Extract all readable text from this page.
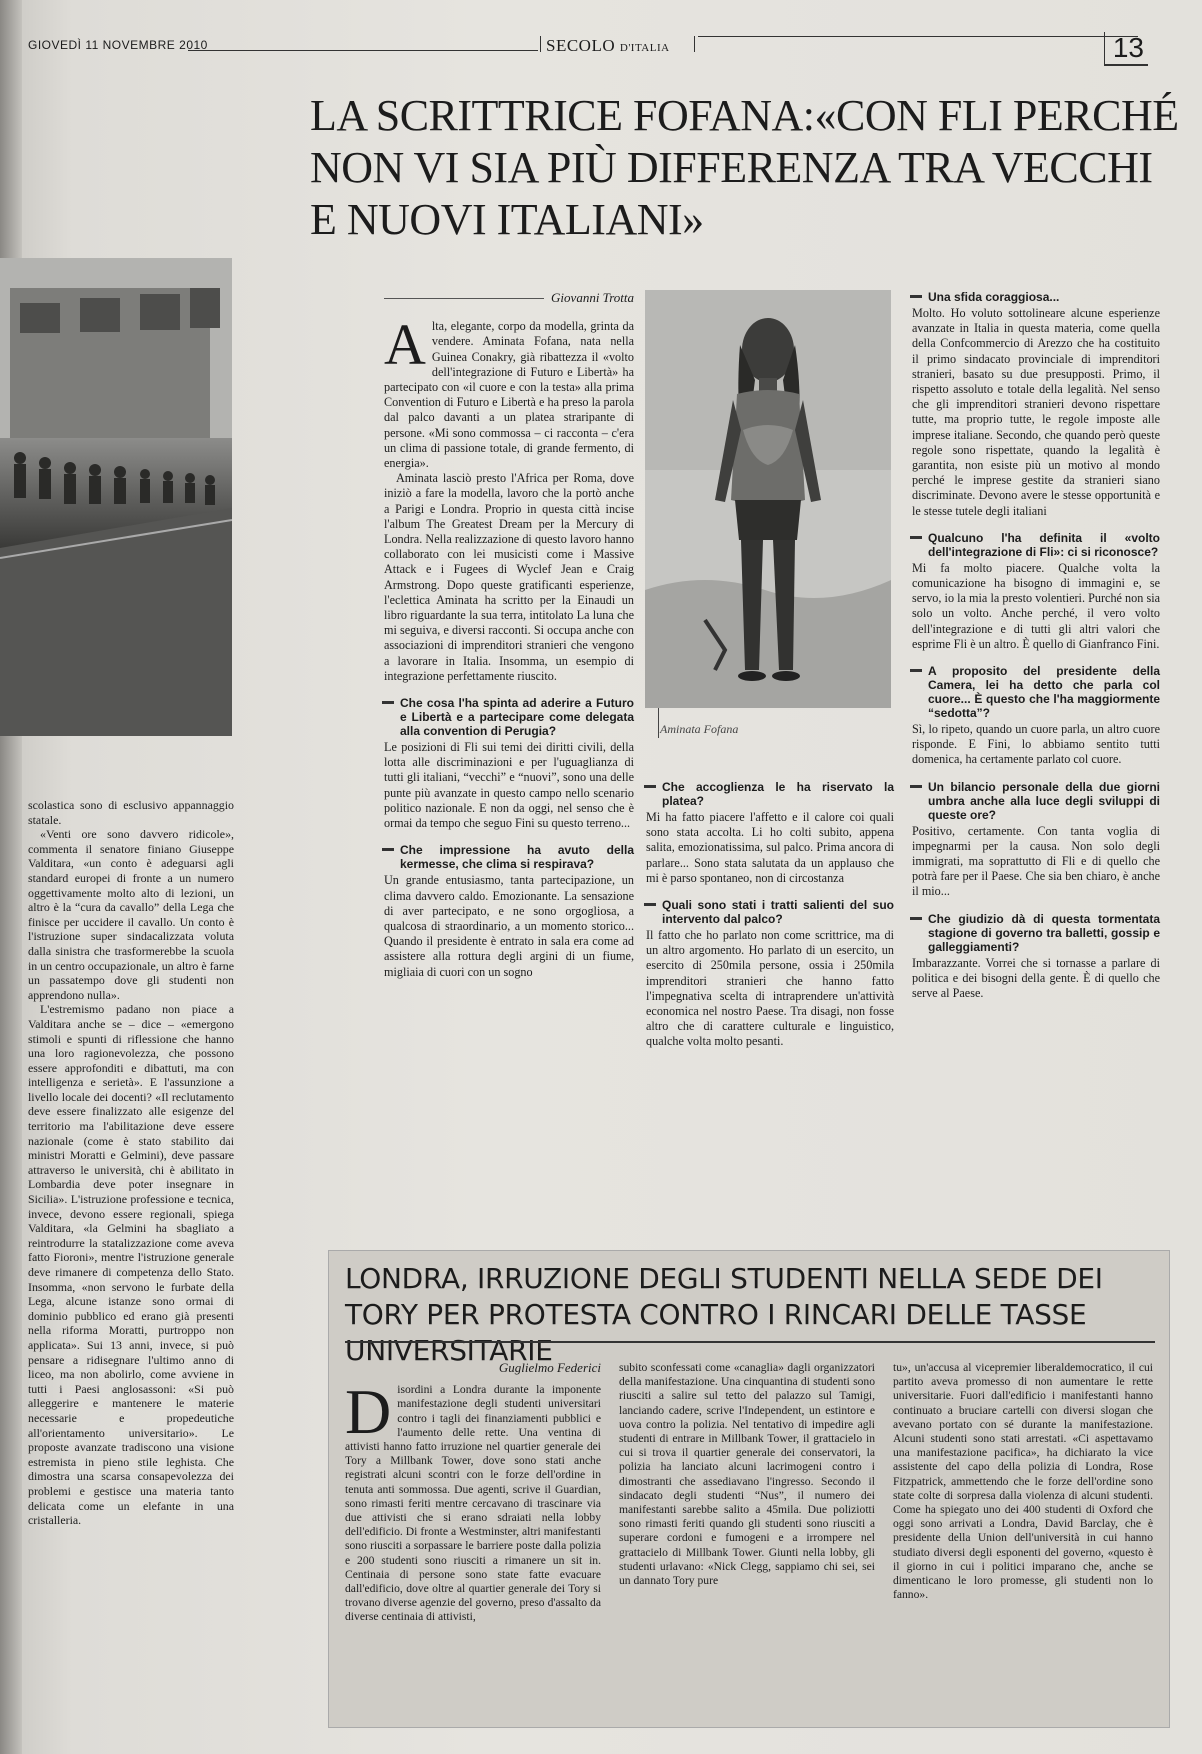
GIOVEDÌ 11 NOVEMBRE 2010	SECOLO D'ITALIA	13
LA SCRITTRICE FOFANA:«CON FLI PERCHÉ NON VI SIA PIÙ DIFFERENZA TRA VECCHI E NUOVI ITALIANI»
Giovanni Trotta

Alta, elegante, corpo da modella, grinta da vendere. Aminata Fofana, nata nella Guinea Conakry, già ribattezza il «volto dell'integrazione di Futuro e Libertà» ha partecipato con «il cuore e con la testa» alla prima Convention di Futuro e Libertà e ha preso la parola dal palco davanti a un platea straripante di persone. «Mi sono commossa – ci racconta – c'era un clima di passione totale, di grande fermento, di energia».

Aminata lasciò presto l'Africa per Roma, dove iniziò a fare la modella, lavoro che la portò anche a Parigi e Londra. Proprio in questa città incise l'album The Greatest Dream per la Mercury di Londra. Nella realizzazione di questo lavoro hanno collaborato con lei musicisti come i Massive Attack e i Fugees di Wyclef Jean e Craig Armstrong. Dopo queste gratificanti esperienze, l'eclettica Aminata ha scritto per la Einaudi un libro riguardante la sua terra, intitolato La luna che mi seguiva, e diversi racconti. Si occupa anche con associazioni di imprenditori stranieri che vengono a lavorare in Italia. Insomma, un esempio di integrazione perfettamente riuscito.

Che cosa l'ha spinta ad aderire a Futuro e Libertà e a partecipare come delegata alla convention di Perugia?

Le posizioni di Fli sui temi dei diritti civili, della lotta alle discriminazioni e per l'uguaglianza di tutti gli italiani, “vecchi” e “nuovi”, sono una delle punte più avanzate in questo campo nello scenario politico nazionale. E non da oggi, nel senso che è ormai da tempo che seguo Fini su questo terreno...

Che impressione ha avuto della kermesse, che clima si respirava?

Un grande entusiasmo, tanta partecipazione, un clima davvero caldo. Emozionante. La sensazione di aver partecipato, e ne sono orgogliosa, a qualcosa di straordinario, a un momento storico... Quando il presidente è entrato in sala era come ad assistere alla rottura degli argini di un fiume, migliaia di cuori con un sogno

Aminata Fofana
Che accoglienza le ha riservato la platea?

Mi ha fatto piacere l'affetto e il calore coi quali sono stata accolta. Li ho colti subito, appena salita, emozionatissima, sul palco. Prima ancora di parlare... Sono stata salutata da un applauso che mi è parso spontaneo, non di circostanza

Quali sono stati i tratti salienti del suo intervento dal palco?

Il fatto che ho parlato non come scrittrice, ma di un altro argomento. Ho parlato di un esercito, un esercito di 250mila persone, ossia i 250mila imprenditori stranieri che hanno fatto l'impegnativa scelta di intraprendere un'attività economica nel nostro Paese. Tra disagi, non fosse altro che di carattere culturale e linguistico, qualche volta molto pesanti.

Una sfida coraggiosa...

Molto. Ho voluto sottolineare alcune esperienze avanzate in Italia in questa materia, come quella della Confcommercio di Arezzo che ha costituito il primo sindacato provinciale di imprenditori stranieri, basato su due presupposti. Primo, il rispetto assoluto e totale della legalità. Nel senso che gli imprenditori stranieri devono rispettare tutte, ma proprio tutte, le regole imposte alle imprese italiane. Secondo, che quando però queste regole sono rispettate, quando la legalità è garantita, non esiste più un motivo al mondo perché le imprese gestite da stranieri siano discriminate. Devono avere le stesse opportunità e le stesse tutele degli italiani

Qualcuno l'ha definita il «volto dell'integrazione di Fli»: ci si riconosce?

Mi fa molto piacere. Qualche volta la comunicazione ha bisogno di immagini e, se servo, io la mia la presto volentieri. Purché non sia solo un volto. Anche perché, il vero volto dell'integrazione e di tutti gli altri valori che esprime Fli è un altro. È quello di Gianfranco Fini.

A proposito del presidente della Camera, lei ha detto che parla col cuore... È questo che l'ha maggiormente “sedotta”?

Sì, lo ripeto, quando un cuore parla, un altro cuore risponde. E Fini, lo abbiamo sentito tutti domenica, ha certamente parlato col cuore.

Un bilancio personale della due giorni umbra anche alla luce degli sviluppi di queste ore?

Positivo, certamente. Con tanta voglia di impegnarmi per la causa. Non solo degli immigrati, ma soprattutto di Fli e di quello che potrà fare per il Paese. Che sia ben chiaro, è anche il mio...

Che giudizio dà di questa tormentata stagione di governo tra balletti, gossip e galleggiamenti?

Imbarazzante. Vorrei che si tornasse a parlare di politica e dei bisogni della gente. È di quello che serve al Paese.

scolastica sono di esclusivo appannaggio statale.

«Venti ore sono davvero ridicole», commenta il senatore finiano Giuseppe Valditara, «un conto è adeguarsi agli standard europei di fronte a un numero oggettivamente molto alto di lezioni, un altro è la “cura da cavallo” della Lega che finisce per uccidere il cavallo. Un conto è l'istruzione super sindacalizzata voluta dalla sinistra che trasformerebbe la scuola in un centro occupazionale, un altro è farne un passatempo dove gli studenti non apprendono nulla».

L'estremismo padano non piace a Valditara anche se – dice – «emergono stimoli e spunti di riflessione che hanno una loro ragionevolezza, che possono essere approfonditi e dibattuti, ma con intelligenza e serietà». E l'assunzione a livello locale dei docenti? «Il reclutamento deve essere finalizzato alle esigenze del territorio ma l'abilitazione deve essere nazionale (come è stato stabilito dai ministri Moratti e Gelmini), deve passare attraverso le università, chi è abilitato in Lombardia deve poter insegnare in Sicilia». L'istruzione professione e tecnica, invece, devono essere regionali, spiega Valditara, «la Gelmini ha sbagliato a reintrodurre la statalizzazione come aveva fatto Fioroni», mentre l'istruzione generale deve rimanere di competenza dello Stato. Insomma, «non servono le furbate della Lega, alcune istanze sono ormai di dominio pubblico ed erano già presenti nella riforma Moratti, purtroppo non applicata». Sui 13 anni, invece, si può pensare a ridisegnare l'ultimo anno di liceo, ma non abolirlo, come avviene in tutti i Paesi anglosassoni: «Si può alleggerire e mantenere le materie necessarie e propedeutiche all'orientamento universitario». Le proposte avanzate tradiscono una visione estremista in pieno stile leghista. Che dimostra una scarsa consapevolezza dei problemi e gestisce una materia tanto delicata come un elefante in una cristalleria.

LONDRA, IRRUZIONE DEGLI STUDENTI NELLA SEDE DEI TORY PER PROTESTA CONTRO I RINCARI DELLE TASSE UNIVERSITARIE
Guglielmo Federici

Disordini a Londra durante la imponente manifestazione degli studenti universitari contro i tagli dei finanziamenti pubblici e l'aumento delle rette. Una ventina di attivisti hanno fatto irruzione nel quartier generale dei Tory a Millbank Tower, dove sono stati anche registrati alcuni scontri con le forze dell'ordine in tenuta anti sommossa. Due agenti, scrive il Guardian, sono rimasti feriti mentre cercavano di trascinare via due attivisti che si erano sdraiati nella lobby dell'edificio. Di fronte a Westminster, altri manifestanti sono riusciti a sorpassare le barriere poste dalla polizia e 200 studenti sono riusciti a rimanere un sit in. Centinaia di persone sono state fatte evacuare dall'edificio, dove oltre al quartier generale dei Tory si trovano diverse agenzie del governo, preso d'assalto da diverse centinaia di attivisti,

subito sconfessati come «canaglia» dagli organizzatori della manifestazione. Una cinquantina di studenti sono riusciti a salire sul tetto del palazzo sul Tamigi, lanciando cadere, scrive l'Independent, un estintore e uova contro la polizia. Nel tentativo di impedire agli studenti di entrare in Millbank Tower, il grattacielo in cui si trova il quartier generale dei conservatori, la polizia ha lanciato alcuni lacrimogeni contro i dimostranti che assediavano l'ingresso. Secondo il sindacato degli studenti “Nus”, il numero dei manifestanti sarebbe salito a 45mila. Due poliziotti sono rimasti feriti quando gli studenti sono riusciti a superare cordoni e fumogeni e a irrompere nel grattacielo di Millbank Tower. Giunti nella lobby, gli studenti urlavano: «Nick Clegg, sappiamo chi sei, sei un dannato Tory pure

tu», un'accusa al vicepremier liberaldemocratico, il cui partito aveva promesso di non aumentare le rette universitarie. Fuori dall'edificio i manifestanti hanno continuato a bruciare cartelli con diversi slogan che avevano portato con sé durante la manifestazione. Alcuni studenti sono stati arrestati. «Ci aspettavamo una manifestazione pacifica», ha dichiarato la vice assistente del capo della polizia di Londra, Rose Fitzpatrick, ammettendo che le forze dell'ordine sono state colte di sorpresa dalla violenza di alcuni studenti. Come ha spiegato uno dei 400 studenti di Oxford che oggi sono arrivati a Londra, David Barclay, che è presidente della Union dell'università in cui hanno studiato diversi degli esponenti del governo, «questo è il giorno in cui i politici imparano che, anche se dimenticano le loro promesse, gli studenti non lo fanno».
